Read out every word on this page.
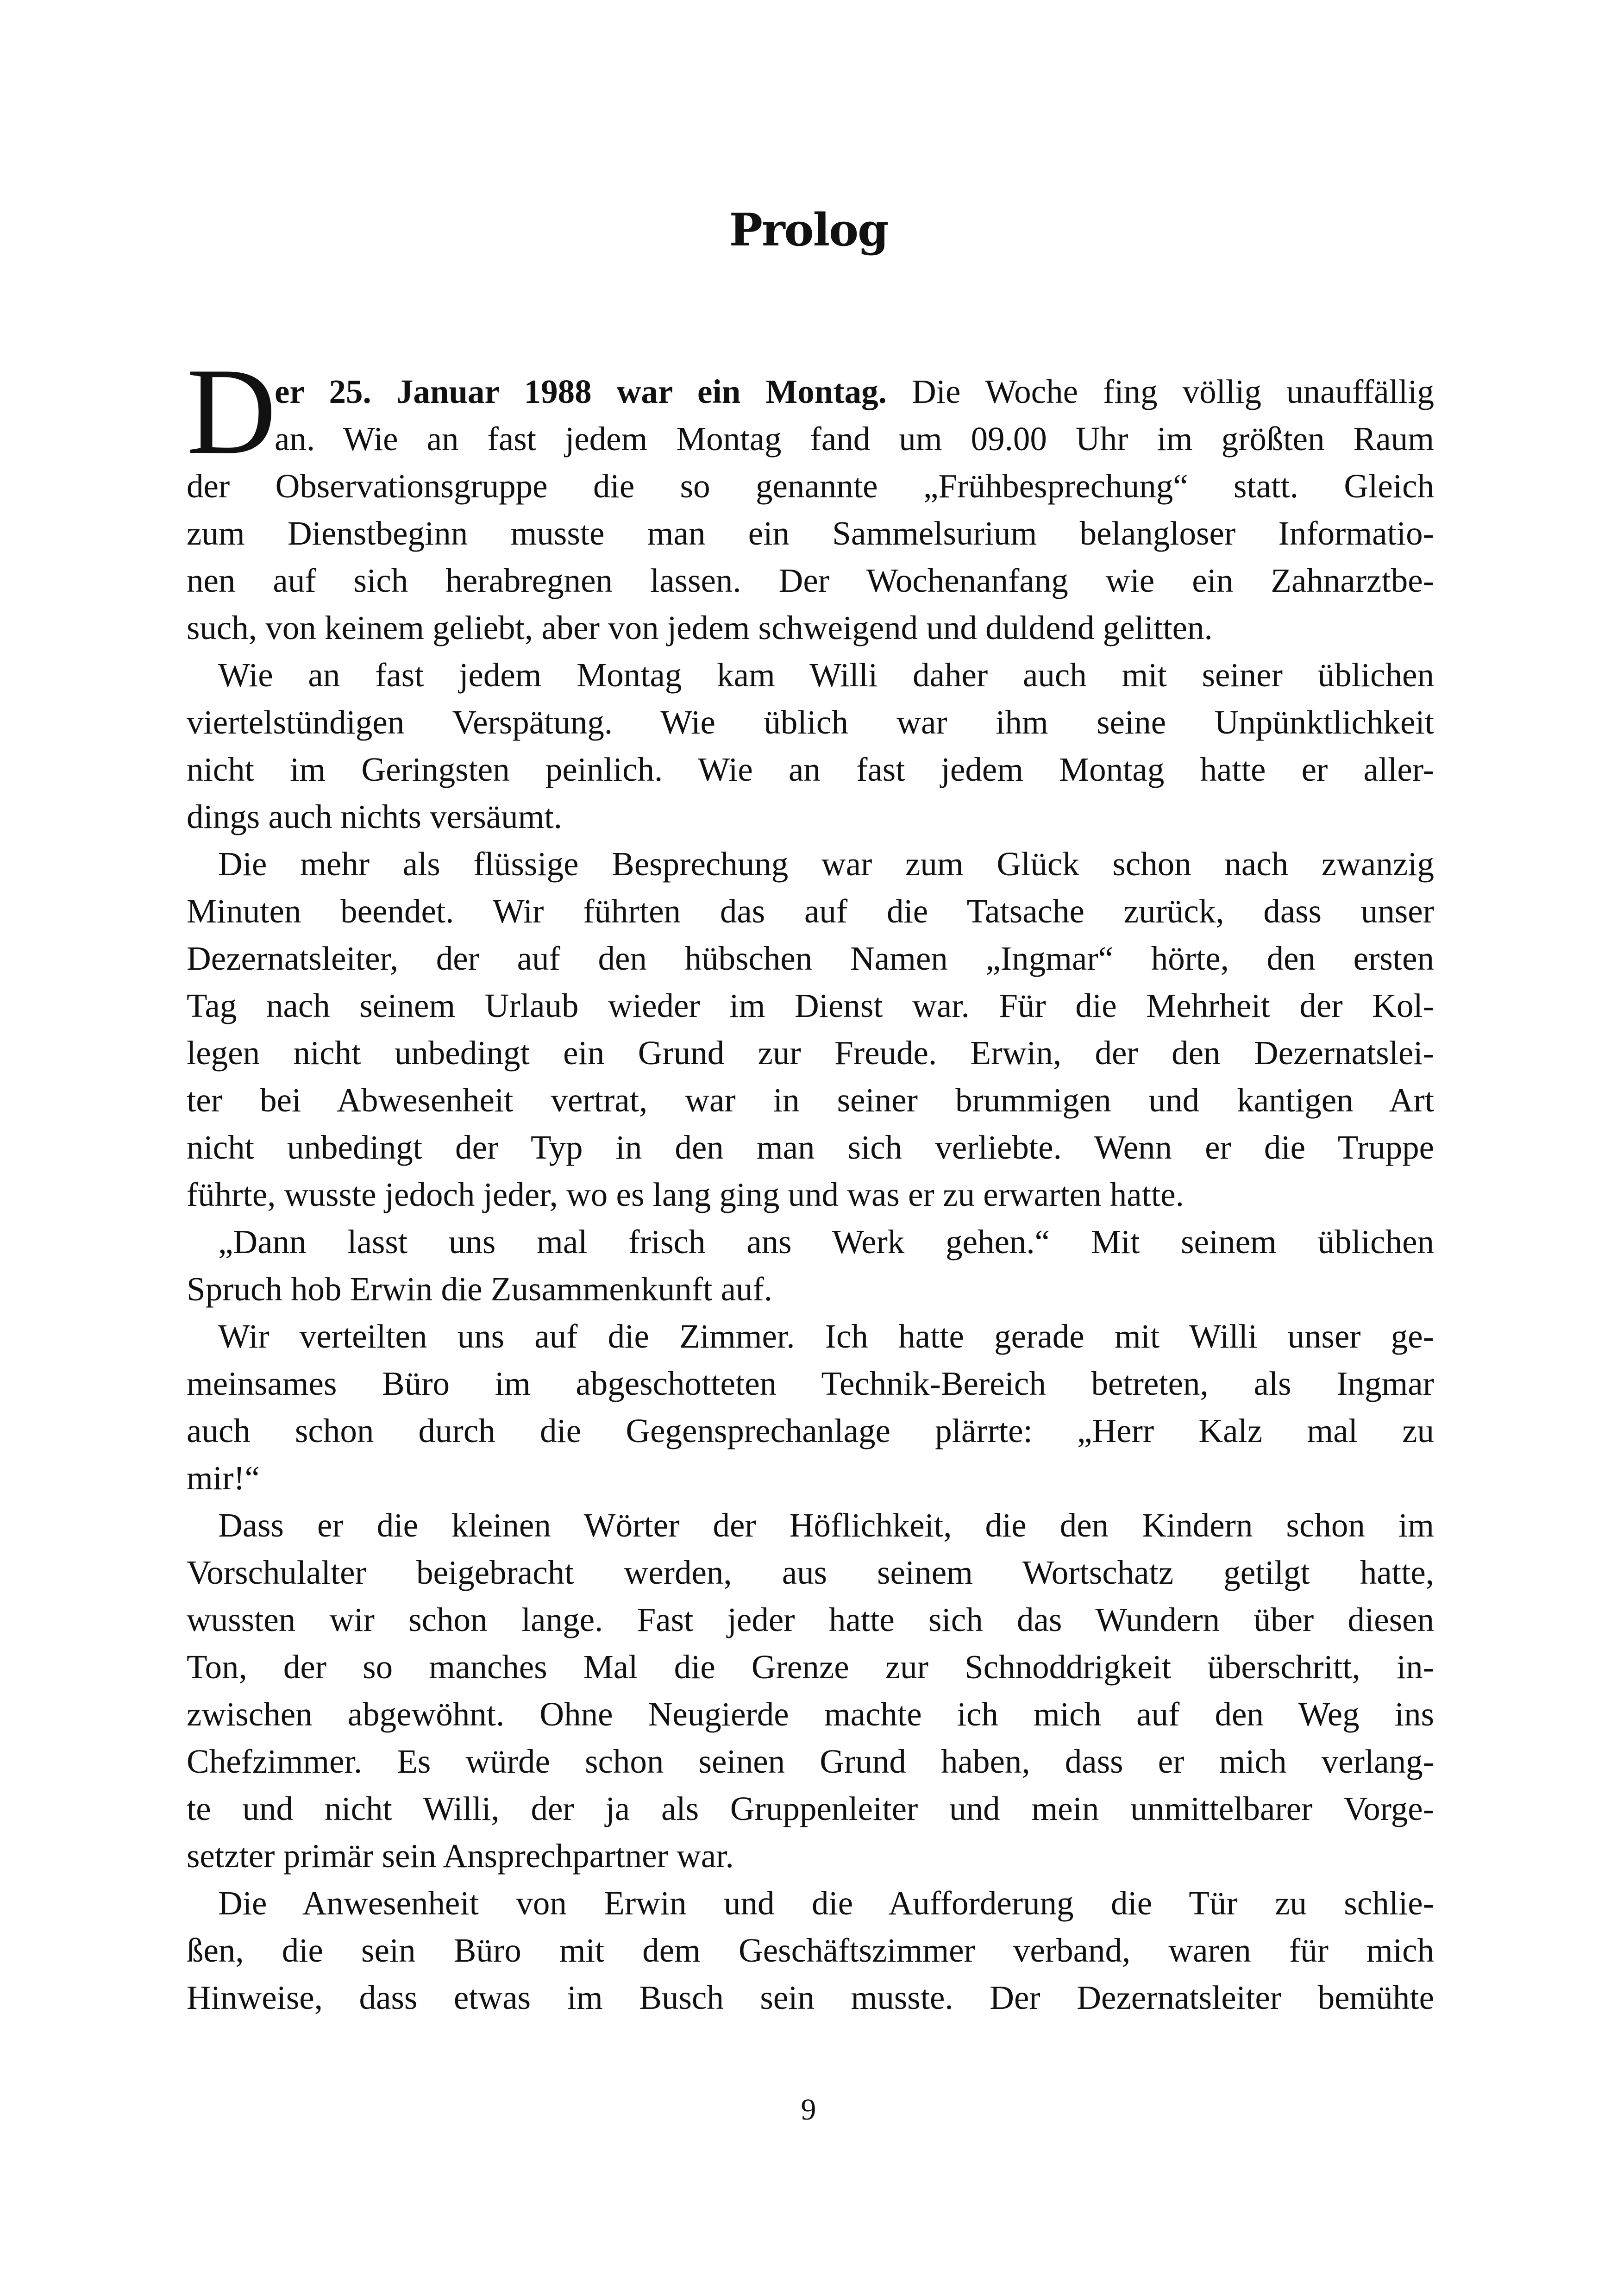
Prolog
D
er 25. Januar 1988 war ein Montag. Die Woche fing völlig unauffällig
an. Wie an fast jedem Montag fand um 09.00 Uhr im größten Raum
der Observationsgruppe die so genannte „Frühbesprechung“ statt. Gleich
zum Dienstbeginn musste man ein Sammelsurium belangloser Informatio-
nen auf sich herabregnen lassen. Der Wochenanfang wie ein Zahnarztbe-
such, von keinem geliebt, aber von jedem schweigend und duldend gelitten.
Wie an fast jedem Montag kam Willi daher auch mit seiner üblichen
viertelstündigen Verspätung. Wie üblich war ihm seine Unpünktlichkeit
nicht im Geringsten peinlich. Wie an fast jedem Montag hatte er aller-
dings auch nichts versäumt.
Die mehr als flüssige Besprechung war zum Glück schon nach zwanzig
Minuten beendet. Wir führten das auf die Tatsache zurück, dass unser
Dezernatsleiter, der auf den hübschen Namen „Ingmar“ hörte, den ersten
Tag nach seinem Urlaub wieder im Dienst war. Für die Mehrheit der Kol-
legen nicht unbedingt ein Grund zur Freude. Erwin, der den Dezernatslei-
ter bei Abwesenheit vertrat, war in seiner brummigen und kantigen Art
nicht unbedingt der Typ in den man sich verliebte. Wenn er die Truppe
führte, wusste jedoch jeder, wo es lang ging und was er zu erwarten hatte.
„Dann lasst uns mal frisch ans Werk gehen.“ Mit seinem üblichen
Spruch hob Erwin die Zusammenkunft auf.
Wir verteilten uns auf die Zimmer. Ich hatte gerade mit Willi unser ge-
meinsames Büro im abgeschotteten Technik-Bereich betreten, als Ingmar
auch schon durch die Gegensprechanlage plärrte: „Herr Kalz mal zu
mir!“
Dass er die kleinen Wörter der Höflichkeit, die den Kindern schon im
Vorschulalter beigebracht werden, aus seinem Wortschatz getilgt hatte,
wussten wir schon lange. Fast jeder hatte sich das Wundern über diesen
Ton, der so manches Mal die Grenze zur Schnoddrigkeit überschritt, in-
zwischen abgewöhnt. Ohne Neugierde machte ich mich auf den Weg ins
Chefzimmer. Es würde schon seinen Grund haben, dass er mich verlang-
te und nicht Willi, der ja als Gruppenleiter und mein unmittelbarer Vorge-
setzter primär sein Ansprechpartner war.
Die Anwesenheit von Erwin und die Aufforderung die Tür zu schlie-
ßen, die sein Büro mit dem Geschäftszimmer verband, waren für mich
Hinweise, dass etwas im Busch sein musste. Der Dezernatsleiter bemühte
9
